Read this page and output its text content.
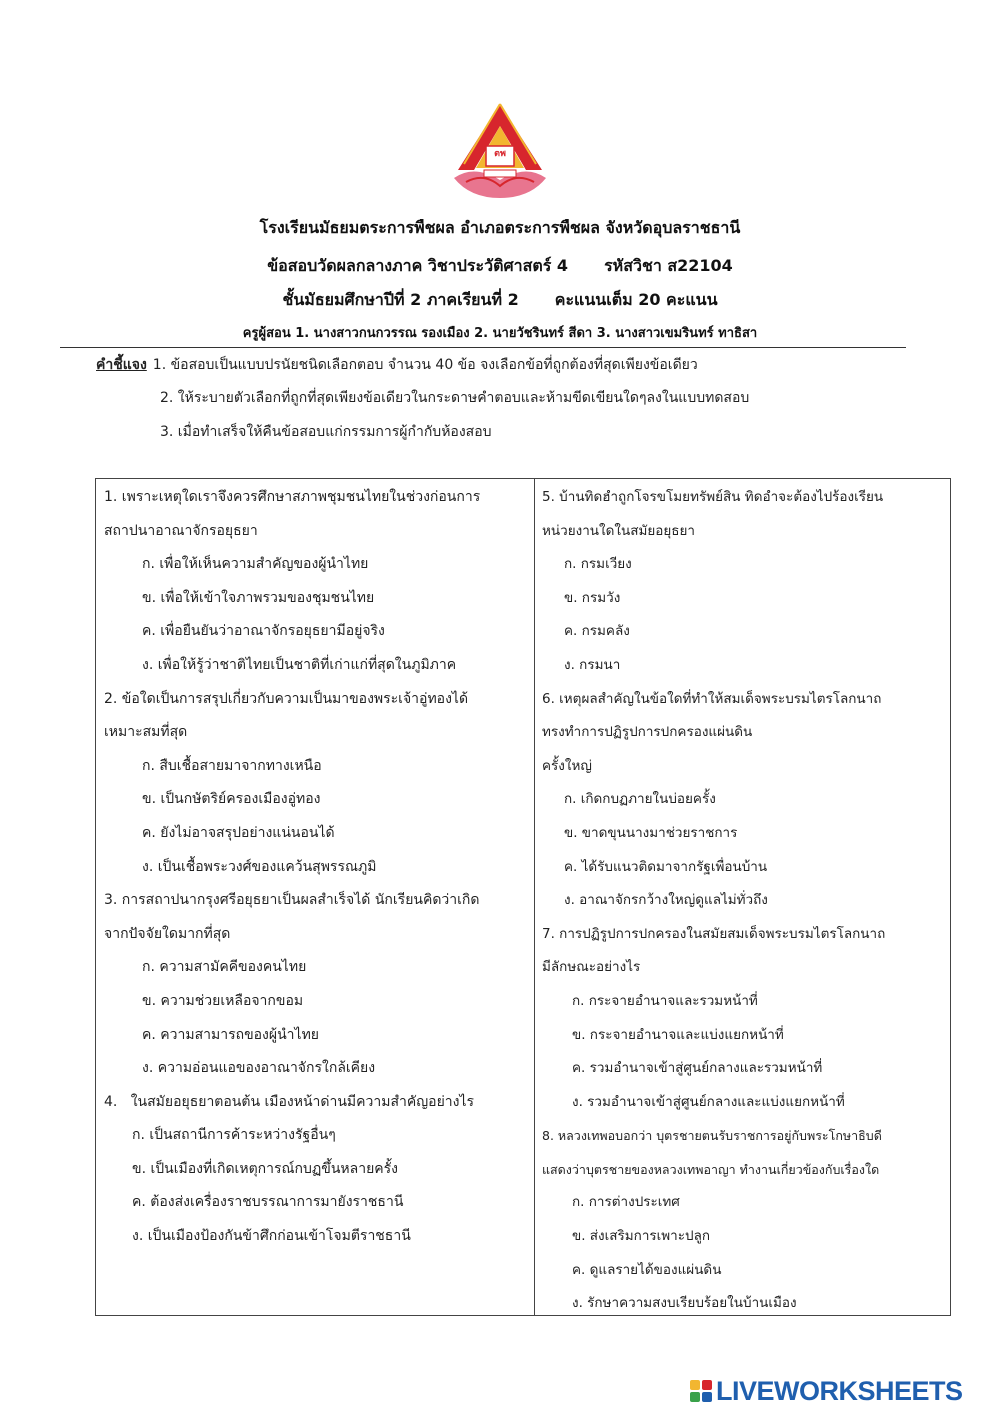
ตพ
โรงเรียนมัธยมตระการพืชผล อำเภอตระการพืชผล จังหวัดอุบลราชธานี
ข้อสอบวัดผลกลางภาค วิชาประวัติศาสตร์ 4 รหัสวิชา ส22104
ชั้นมัธยมศึกษาปีที่ 2 ภาคเรียนที่ 2 คะแนนเต็ม 20 คะแนน
ครูผู้สอน 1. นางสาวกนกวรรณ รองเมือง 2. นายวัชรินทร์ สีดา 3. นางสาวเขมรินทร์ ทาธิสา
คำชี้แจง 1. ข้อสอบเป็นแบบปรนัยชนิดเลือกตอบ จำนวน 40 ข้อ จงเลือกข้อที่ถูกต้องที่สุดเพียงข้อเดียว
2. ให้ระบายตัวเลือกที่ถูกที่สุดเพียงข้อเดียวในกระดาษคำตอบและห้ามขีดเขียนใดๆลงในแบบทดสอบ
3. เมื่อทำเสร็จให้คืนข้อสอบแก่กรรมการผู้กำกับห้องสอบ
1. เพราะเหตุใดเราจึงควรศึกษาสภาพชุมชนไทยในช่วงก่อนการ
สถาปนาอาณาจักรอยุธยา
ก. เพื่อให้เห็นความสำคัญของผู้นำไทย
ข. เพื่อให้เข้าใจภาพรวมของชุมชนไทย
ค. เพื่อยืนยันว่าอาณาจักรอยุธยามีอยู่จริง
ง. เพื่อให้รู้ว่าชาติไทยเป็นชาติที่เก่าแก่ที่สุดในภูมิภาค
2. ข้อใดเป็นการสรุปเกี่ยวกับความเป็นมาของพระเจ้าอู่ทองได้
เหมาะสมที่สุด
ก. สืบเชื้อสายมาจากทางเหนือ
ข. เป็นกษัตริย์ครองเมืองอู่ทอง
ค. ยังไม่อาจสรุปอย่างแน่นอนได้
ง. เป็นเชื้อพระวงศ์ของแคว้นสุพรรณภูมิ
3. การสถาปนากรุงศรีอยุธยาเป็นผลสำเร็จได้ นักเรียนคิดว่าเกิด
จากปัจจัยใดมากที่สุด
ก. ความสามัคคีของคนไทย
ข. ความช่วยเหลือจากขอม
ค. ความสามารถของผู้นำไทย
ง. ความอ่อนแอของอาณาจักรใกล้เคียง
4.   ในสมัยอยุธยาตอนต้น เมืองหน้าด่านมีความสำคัญอย่างไร
ก. เป็นสถานีการค้าระหว่างรัฐอื่นๆ
ข. เป็นเมืองที่เกิดเหตุการณ์กบฏขึ้นหลายครั้ง
ค. ต้องส่งเครื่องราชบรรณาการมายังราชธานี
ง. เป็นเมืองป้องกันข้าศึกก่อนเข้าโจมตีราชธานี
5. บ้านทิดฮำถูกโจรขโมยทรัพย์สิน ทิดอำจะต้องไปร้องเรียน
หน่วยงานใดในสมัยอยุธยา
ก. กรมเวียง
ข. กรมวัง
ค. กรมคลัง
ง. กรมนา
6. เหตุผลสำคัญในข้อใดที่ทำให้สมเด็จพระบรมไตรโลกนาถ
ทรงทำการปฏิรูปการปกครองแผ่นดิน
ครั้งใหญ่
ก. เกิดกบฏภายในบ่อยครั้ง
ข. ขาดขุนนางมาช่วยราชการ
ค. ได้รับแนวติดมาจากรัฐเพื่อนบ้าน
ง. อาณาจักรกว้างใหญ่ดูแลไม่ทั่วถึง
7. การปฏิรูปการปกครองในสมัยสมเด็จพระบรมไตรโลกนาถ
มีลักษณะอย่างไร
ก. กระจายอำนาจและรวมหน้าที่
ข. กระจายอำนาจและแบ่งแยกหน้าที่
ค. รวมอำนาจเข้าสู่ศูนย์กลางและรวมหน้าที่
ง. รวมอำนาจเข้าสู่ศูนย์กลางและแบ่งแยกหน้าที่
8. หลวงเทพอบอกว่า บุตรชายตนรับราชการอยู่กับพระโกษาธิบดี
แสดงว่าบุตรชายของหลวงเทพอาญา ทำงานเกี่ยวข้องกับเรื่องใด
ก. การต่างประเทศ
ข. ส่งเสริมการเพาะปลูก
ค. ดูแลรายได้ของแผ่นดิน
ง. รักษาความสงบเรียบร้อยในบ้านเมือง
LIVEWORKSHEETS
